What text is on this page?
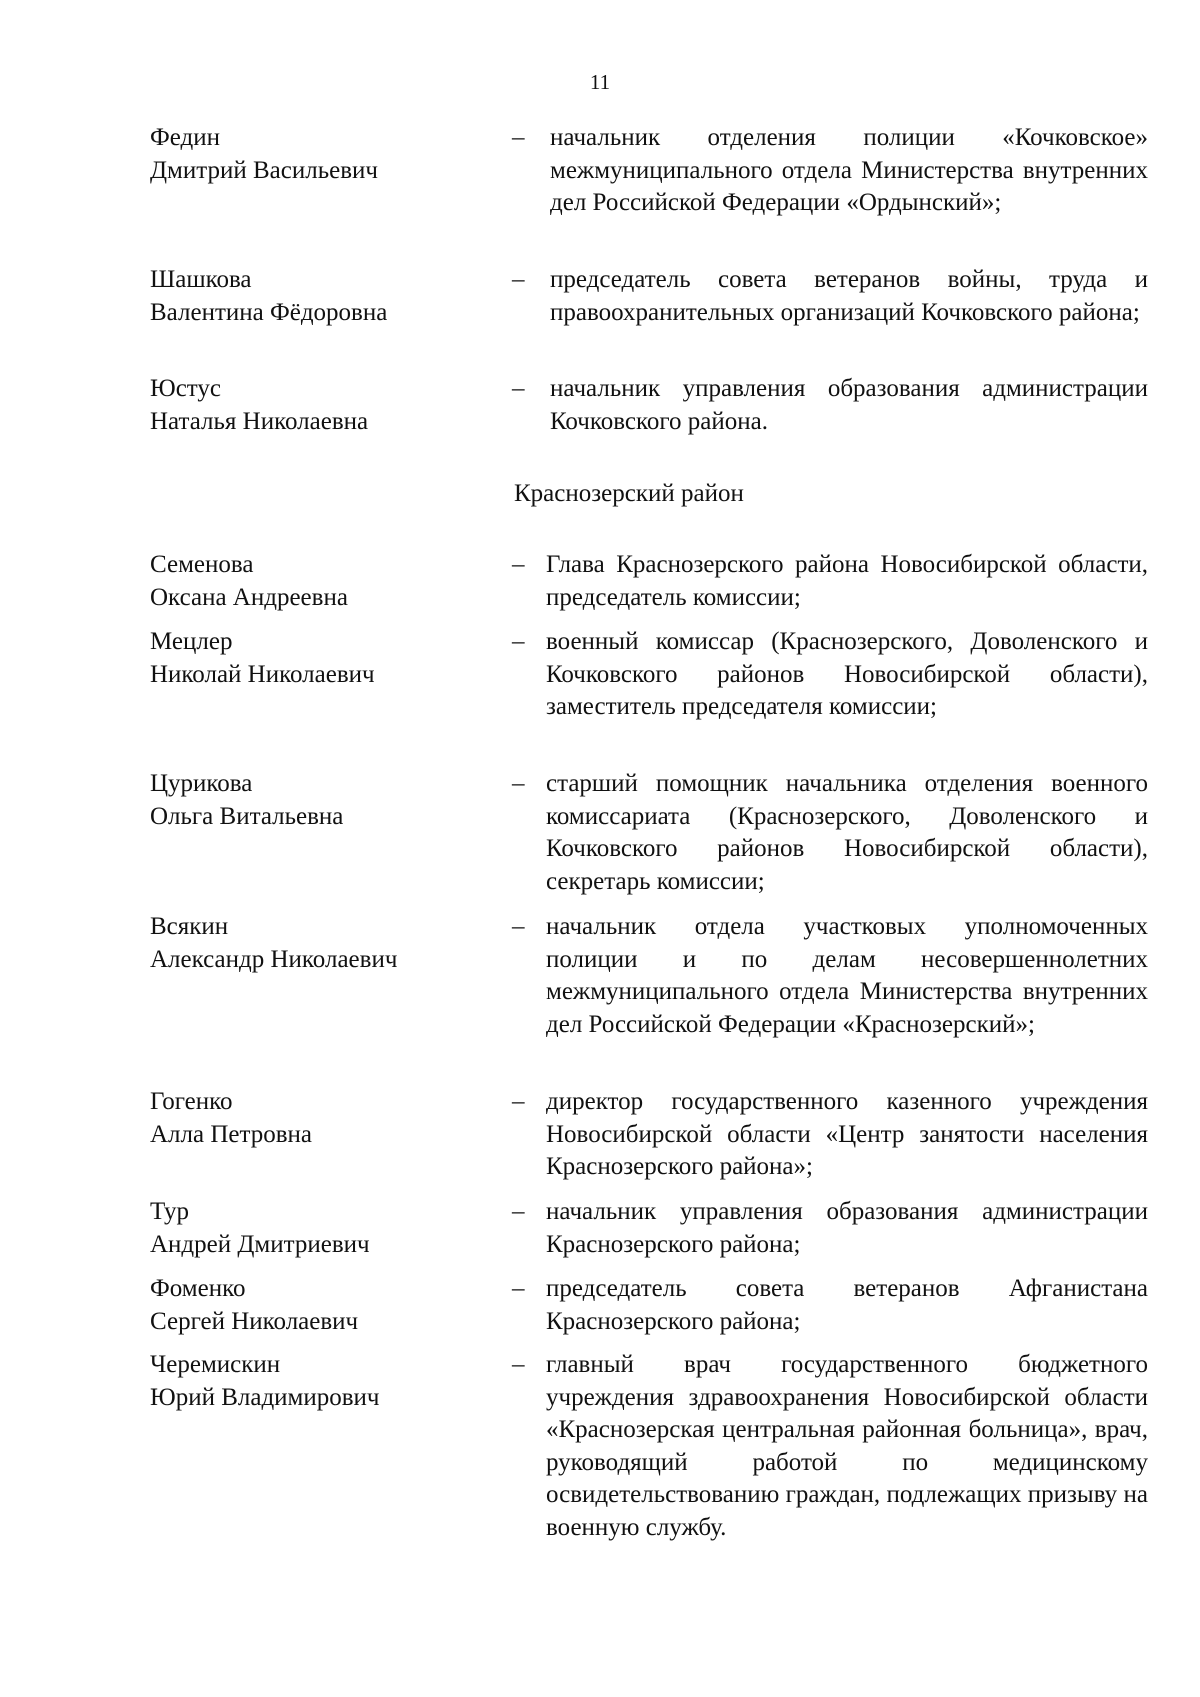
11
Федин
Дмитрий Васильевич
– начальник отделения полиции «Кочковское» межмуниципального отдела Министерства внутренних дел Российской Федерации «Ордынский»;
Шашкова
Валентина Фёдоровна
– председатель совета ветеранов войны, труда и правоохранительных организаций Кочковского района;
Юстус
Наталья Николаевна
– начальник управления образования администрации Кочковского района.
Краснозерский район
Семенова
Оксана Андреевна
– Глава Краснозерского района Новосибирской области, председатель комиссии;
Мецлер
Николай Николаевич
– военный комиссар (Краснозерского, Доволенского и Кочковского районов Новосибирской области), заместитель председателя комиссии;
Цурикова
Ольга Витальевна
– старший помощник начальника отделения военного комиссариата (Краснозерского, Доволенского и Кочковского районов Новосибирской области), секретарь комиссии;
Всякин
Александр Николаевич
– начальник отдела участковых уполномоченных полиции и по делам несовершеннолетних межмуниципального отдела Министерства внутренних дел Российской Федерации «Краснозерский»;
Гогенко
Алла Петровна
– директор государственного казенного учреждения Новосибирской области «Центр занятости населения Краснозерского района»;
Тур
Андрей Дмитриевич
– начальник управления образования администрации Краснозерского района;
Фоменко
Сергей Николаевич
– председатель совета ветеранов Афганистана Краснозерского района;
Черемискин
Юрий Владимирович
– главный врач государственного бюджетного учреждения здравоохранения Новосибирской области «Краснозерская центральная районная больница», врач, руководящий работой по медицинскому освидетельствованию граждан, подлежащих призыву на военную службу.
